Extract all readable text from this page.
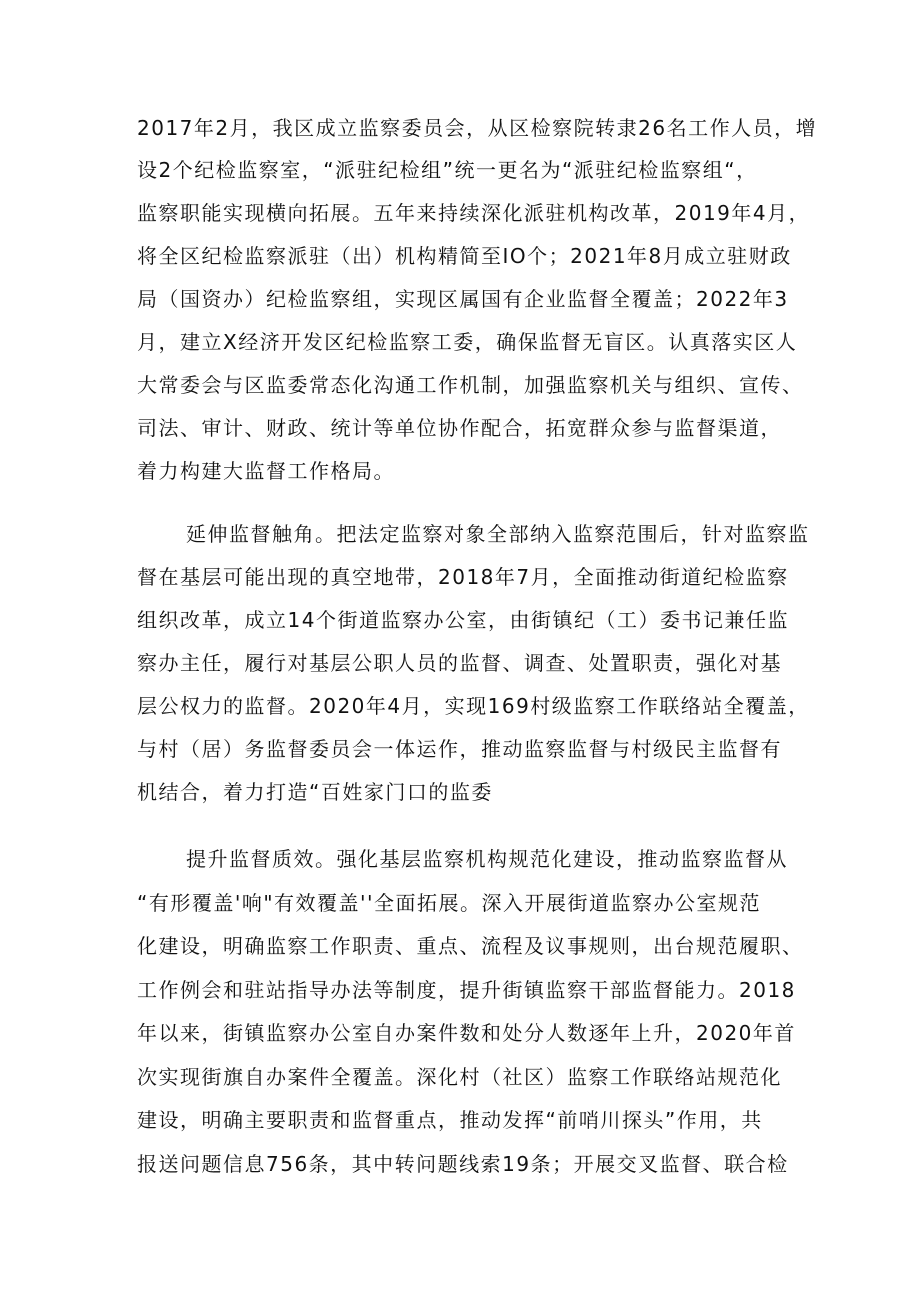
2017年2月，我区成立监察委员会，从区检察院转隶26名工作人员，增

设2个纪检监察室，“派驻纪检组”统一更名为“派驻纪检监察组“，

监察职能实现横向拓展。五年来持续深化派驻机构改革，2019年4月，

将全区纪检监察派驻（出）机构精简至IO个；2021年8月成立驻财政

局（国资办）纪检监察组，实现区属国有企业监督全覆盖；2022年3

月，建立X经济开发区纪检监察工委，确保监督无盲区。认真落实区人

大常委会与区监委常态化沟通工作机制，加强监察机关与组织、宣传、

司法、审计、财政、统计等单位协作配合，拓宽群众参与监督渠道，

着力构建大监督工作格局。

延伸监督触角。把法定监察对象全部纳入监察范围后，针对监察监

督在基层可能出现的真空地带，2018年7月，全面推动街道纪检监察

组织改革，成立14个街道监察办公室，由街镇纪（工）委书记兼任监

察办主任，履行对基层公职人员的监督、调查、处置职责，强化对基

层公权力的监督。2020年4月，实现169村级监察工作联络站全覆盖，

与村（居）务监督委员会一体运作，推动监察监督与村级民主监督有

机结合，着力打造“百姓家门口的监委

提升监督质效。强化基层监察机构规范化建设，推动监察监督从

“有形覆盖'响"有效覆盖''全面拓展。深入开展街道监察办公室规范

化建设，明确监察工作职责、重点、流程及议事规则，出台规范履职、

工作例会和驻站指导办法等制度，提升街镇监察干部监督能力。2018

年以来，街镇监察办公室自办案件数和处分人数逐年上升，2020年首

次实现街旗自办案件全覆盖。深化村（社区）监察工作联络站规范化

建设，明确主要职责和监督重点，推动发挥“前哨川探头”作用，共

报送问题信息756条，其中转问题线索19条；开展交叉监督、联合检
